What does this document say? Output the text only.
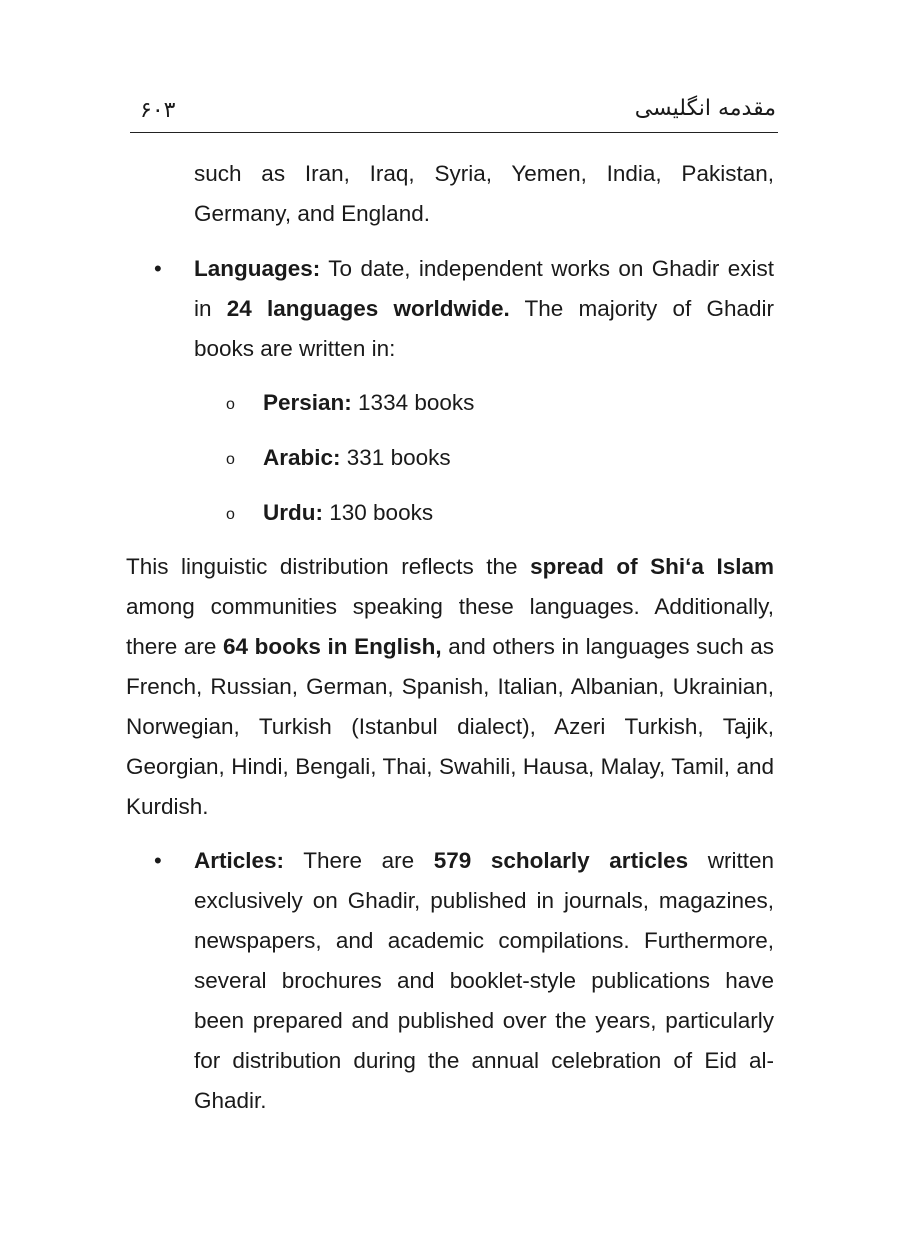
۶۰۳	مقدمه انگلیسی

such as Iran, Iraq, Syria, Yemen, India, Pakistan, Germany, and England.

• Languages: To date, independent works on Ghadir exist in 24 languages worldwide. The majority of Ghadir books are written in:

o Persian: 1334 books
o Arabic: 331 books
o Urdu: 130 books

This linguistic distribution reflects the spread of Shi‘a Islam among communities speaking these languages. Additionally, there are 64 books in English, and others in languages such as French, Russian, German, Spanish, Italian, Albanian, Ukrainian, Norwegian, Turkish (Istanbul dialect), Azeri Turkish, Tajik, Georgian, Hindi, Bengali, Thai, Swahili, Hausa, Malay, Tamil, and Kurdish.

• Articles: There are 579 scholarly articles written exclusively on Ghadir, published in journals, magazines, newspapers, and academic compilations. Furthermore, several brochures and booklet-style publications have been prepared and published over the years, particularly for distribution during the annual celebration of Eid al-Ghadir.
